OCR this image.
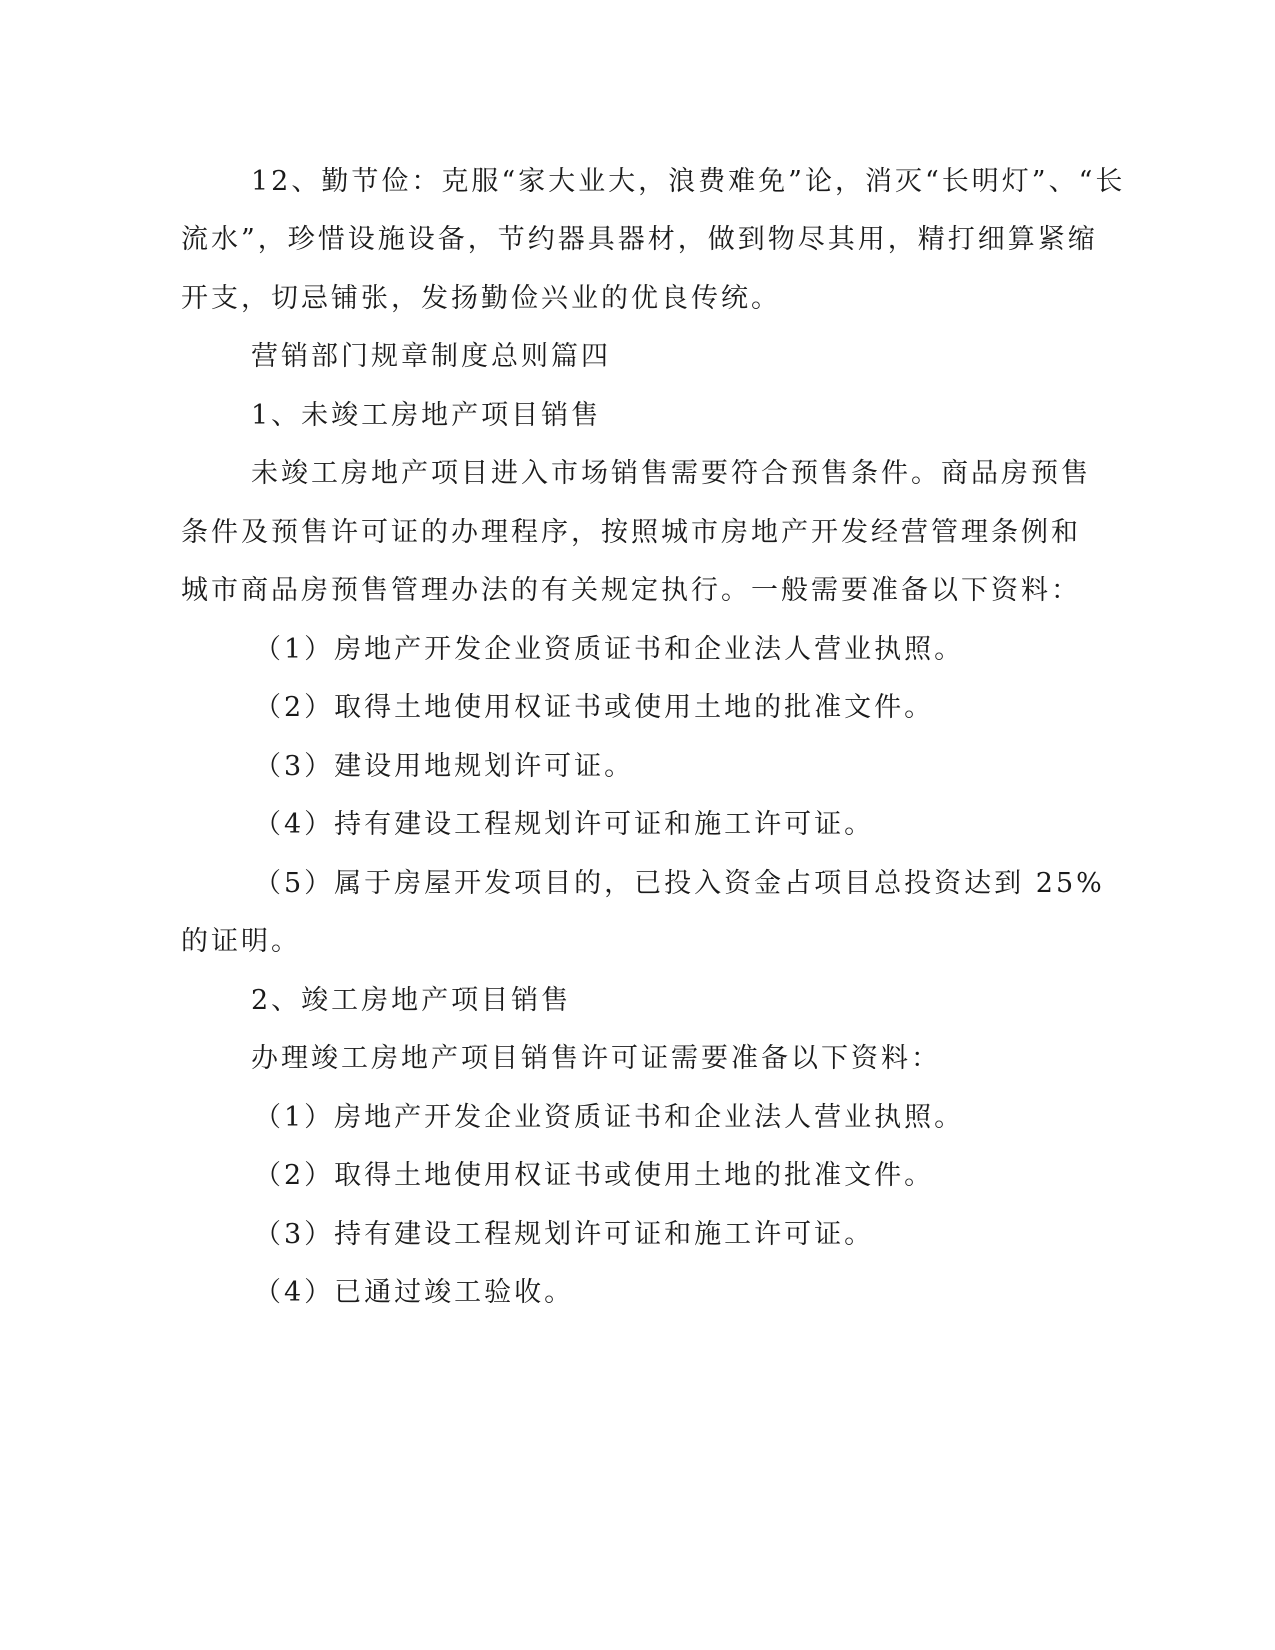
12、勤节俭：克服“家大业大，浪费难免”论，消灭“长明灯”、“长
流水”，珍惜设施设备，节约器具器材，做到物尽其用，精打细算紧缩
开支，切忌铺张，发扬勤俭兴业的优良传统。
营销部门规章制度总则篇四
1、未竣工房地产项目销售
未竣工房地产项目进入市场销售需要符合预售条件。商品房预售
条件及预售许可证的办理程序，按照城市房地产开发经营管理条例和
城市商品房预售管理办法的有关规定执行。一般需要准备以下资料：
（1）房地产开发企业资质证书和企业法人营业执照。
（2）取得土地使用权证书或使用土地的批准文件。
（3）建设用地规划许可证。
（4）持有建设工程规划许可证和施工许可证。
（5）属于房屋开发项目的，已投入资金占项目总投资达到 25%
的证明。
2、竣工房地产项目销售
办理竣工房地产项目销售许可证需要准备以下资料：
（1）房地产开发企业资质证书和企业法人营业执照。
（2）取得土地使用权证书或使用土地的批准文件。
（3）持有建设工程规划许可证和施工许可证。
（4）已通过竣工验收。
